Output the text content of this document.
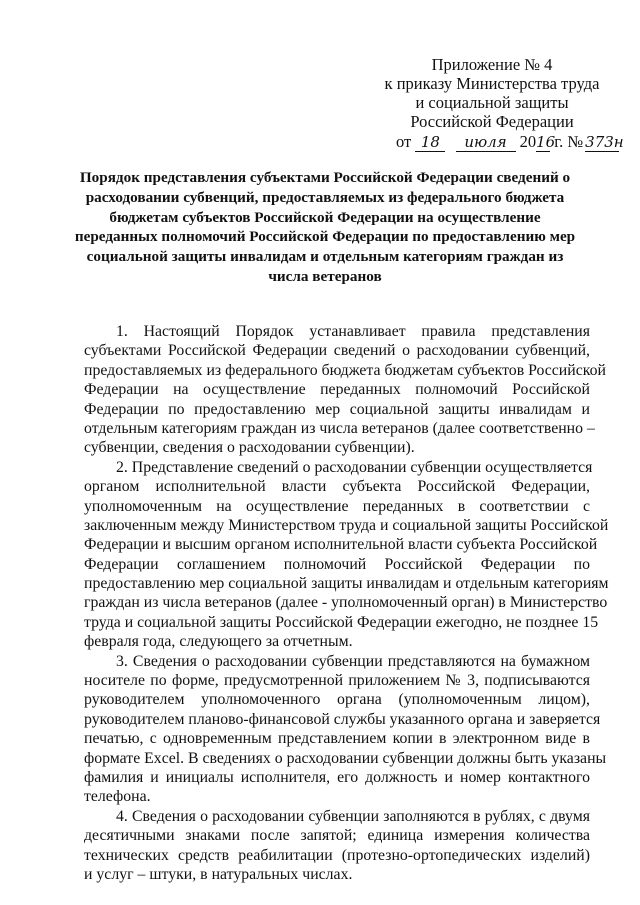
Приложение № 4
к приказу Министерства труда
и социальной защиты
Российской Федерации
от 18 июля 2016 г. № 373н
Порядок представления субъектами Российской Федерации сведений о
расходовании субвенций, предоставляемых из федерального бюджета
бюджетам субъектов Российской Федерации на осуществление
переданных полномочий Российской Федерации по предоставлению мер
социальной защиты инвалидам и отдельным категориям граждан из
числа ветеранов
1. Настоящий Порядок устанавливает правила представления
субъектами Российской Федерации сведений о расходовании субвенций,
предоставляемых из федерального бюджета бюджетам субъектов Российской
Федерации на осуществление переданных полномочий Российской
Федерации по предоставлению мер социальной защиты инвалидам и
отдельным категориям граждан из числа ветеранов (далее соответственно –
субвенции, сведения о расходовании субвенции).
2. Представление сведений о расходовании субвенции осуществляется
органом исполнительной власти субъекта Российской Федерации,
уполномоченным на осуществление переданных в соответствии с
заключенным между Министерством труда и социальной защиты Российской
Федерации и высшим органом исполнительной власти субъекта Российской
Федерации соглашением полномочий Российской Федерации по
предоставлению мер социальной защиты инвалидам и отдельным категориям
граждан из числа ветеранов (далее - уполномоченный орган) в Министерство
труда и социальной защиты Российской Федерации ежегодно, не позднее 15
февраля года, следующего за отчетным.
3. Сведения о расходовании субвенции представляются на бумажном
носителе по форме, предусмотренной приложением № 3, подписываются
руководителем уполномоченного органа (уполномоченным лицом),
руководителем планово-финансовой службы указанного органа и заверяется
печатью, с одновременным представлением копии в электронном виде в
формате Excel. В сведениях о расходовании субвенции должны быть указаны
фамилия и инициалы исполнителя, его должность и номер контактного
телефона.
4. Сведения о расходовании субвенции заполняются в рублях, с двумя
десятичными знаками после запятой; единица измерения количества
технических средств реабилитации (протезно-ортопедических изделий)
и услуг – штуки, в натуральных числах.
